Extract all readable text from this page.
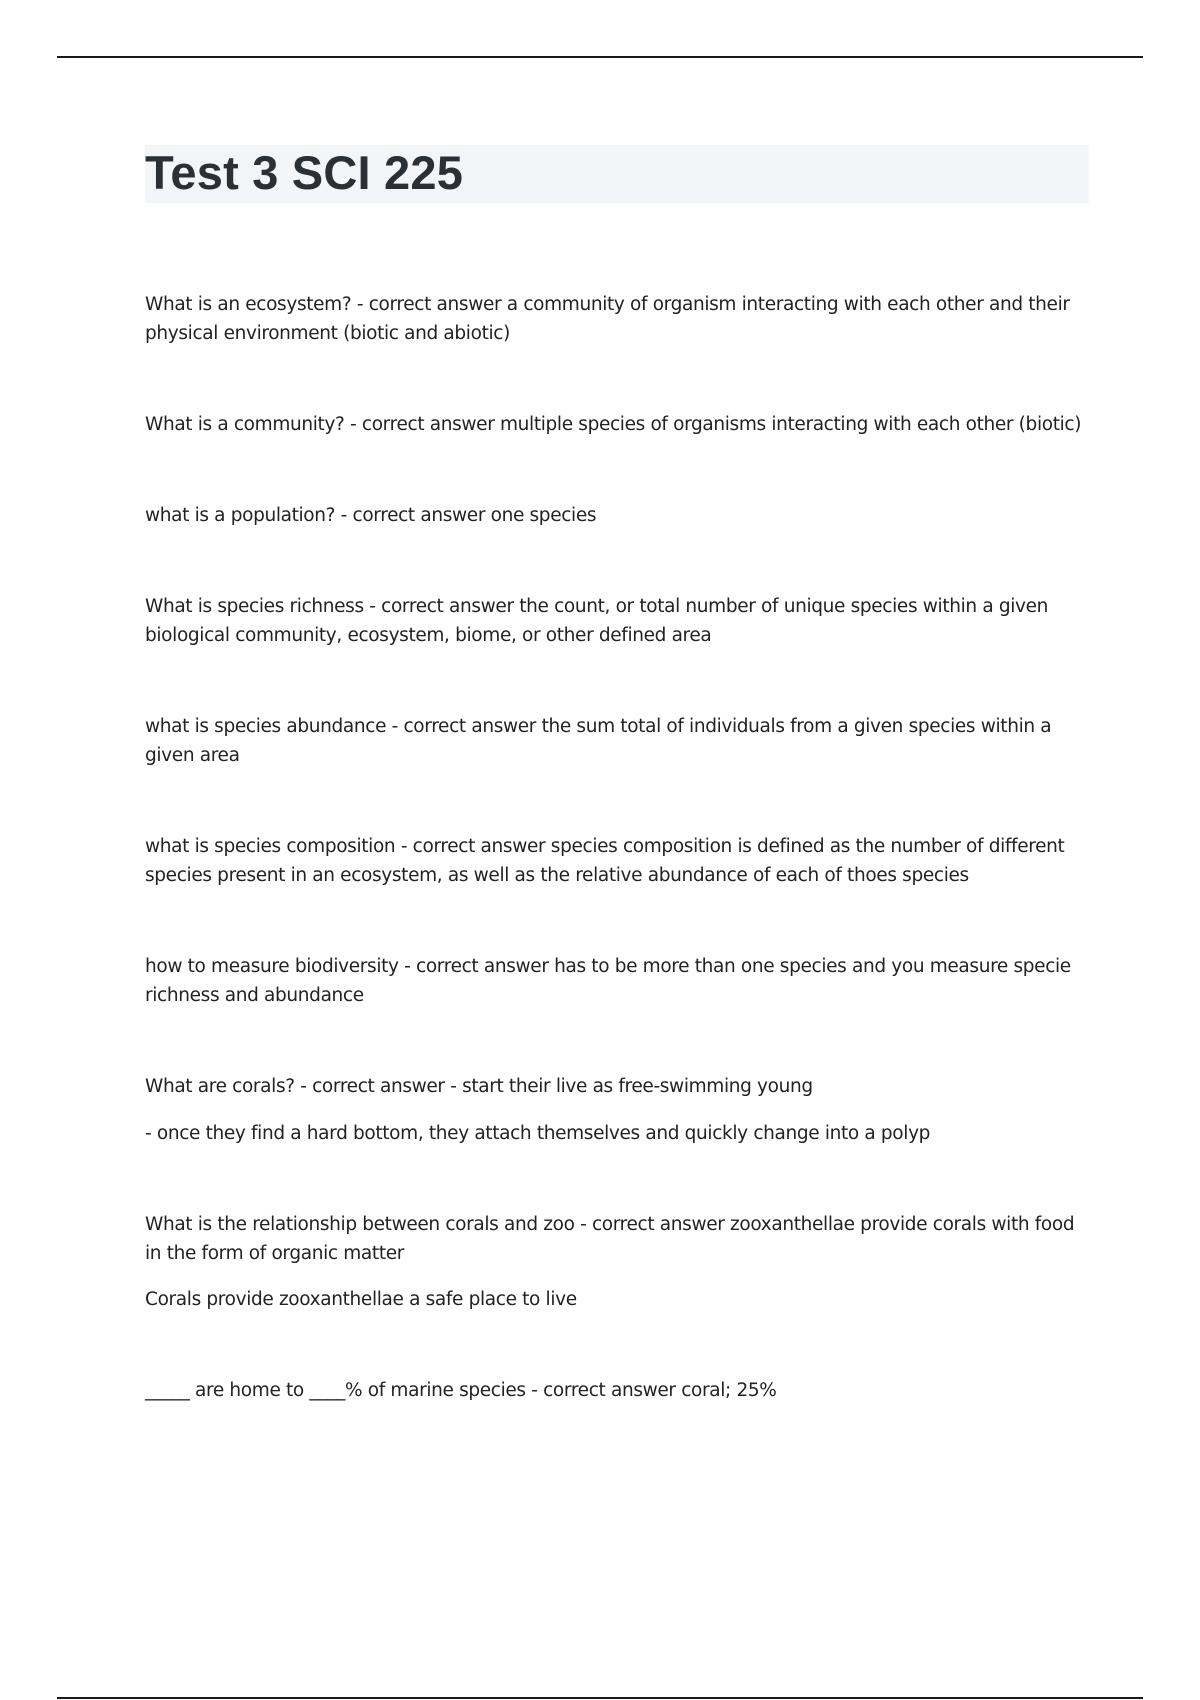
Test 3 SCI 225

What is an ecosystem? - correct answer a community of organism interacting with each other and their physical environment (biotic and abiotic)

What is a community? - correct answer multiple species of organisms interacting with each other (biotic)

what is a population? - correct answer one species

What is species richness - correct answer the count, or total number of unique species within a given biological community, ecosystem, biome, or other defined area

what is species abundance - correct answer the sum total of individuals from a given species within a given area

what is species composition - correct answer species composition is defined as the number of different species present in an ecosystem, as well as the relative abundance of each of thoes species

how to measure biodiversity - correct answer has to be more than one species and you measure specie richness and abundance

What are corals? - correct answer - start their live as free-swimming young

- once they find a hard bottom, they attach themselves and quickly change into a polyp

What is the relationship between corals and zoo - correct answer zooxanthellae provide corals with food in the form of organic matter

Corals provide zooxanthellae a safe place to live

_____ are home to ____% of marine species - correct answer coral; 25%
